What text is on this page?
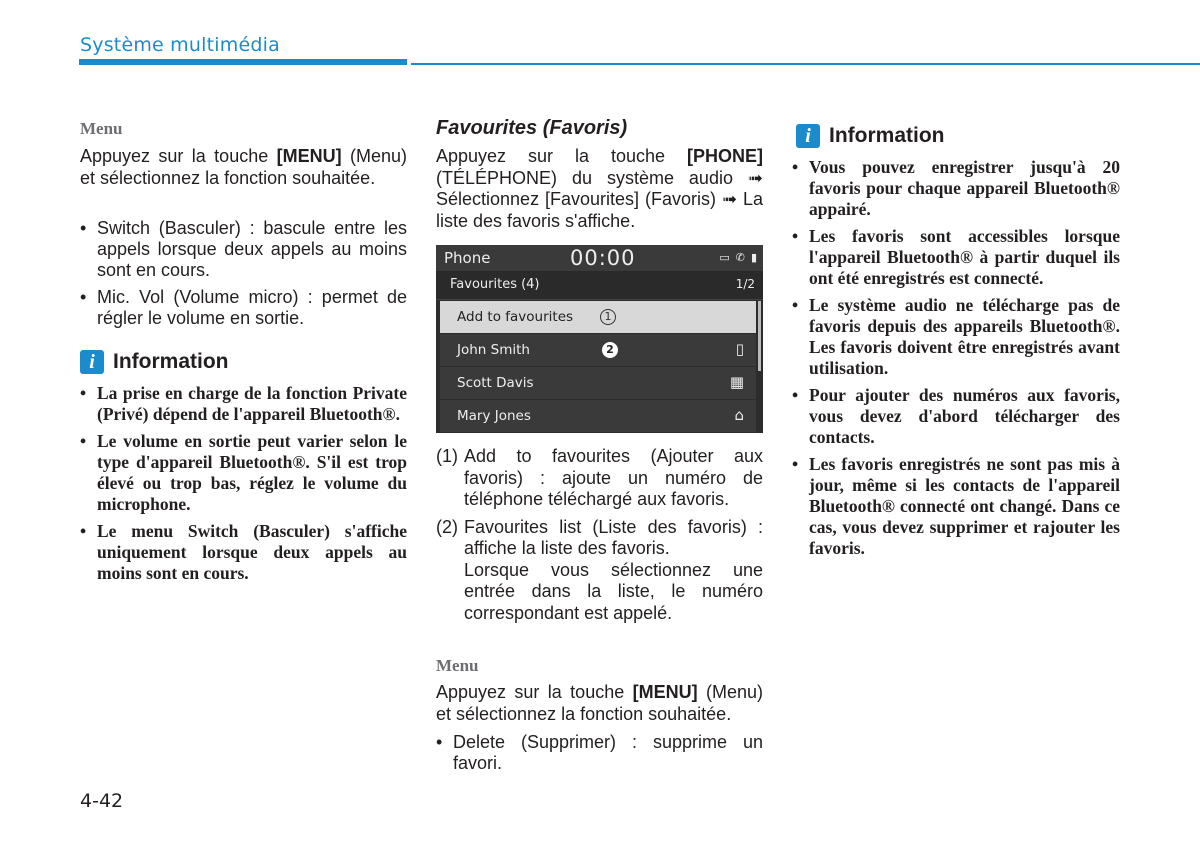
Système multimédia
Menu
Appuyez sur la touche [MENU] (Menu) et sélectionnez la fonction souhaitée.
• Switch (Basculer) : bascule entre les appels lorsque deux appels au moins sont en cours.
• Mic. Vol (Volume micro) : permet de régler le volume en sortie.
i Information
• La prise en charge de la fonction Private (Privé) dépend de l'appareil Bluetooth®.
• Le volume en sortie peut varier selon le type d'appareil Bluetooth®. S'il est trop élevé ou trop bas, réglez le volume du microphone.
• Le menu Switch (Basculer) s'affiche uniquement lorsque deux appels au moins sont en cours.
Favourites (Favoris)
Appuyez sur la touche [PHONE] (TÉLÉPHONE) du système audio ➟ Sélectionnez [Favourites] (Favoris) ➟ La liste des favoris s'affiche.
Phone	00:00	▭ ✆ ▮
Favourites (4)	1/2
Add to favourites	1
John Smith	2	▯
Scott Davis	▦
Mary Jones	⌂
(1) Add to favourites (Ajouter aux favoris) : ajoute un numéro de téléphone téléchargé aux favoris.
(2) Favourites list (Liste des favoris) : affiche la liste des favoris.
Lorsque vous sélectionnez une entrée dans la liste, le numéro correspondant est appelé.
Menu
Appuyez sur la touche [MENU] (Menu) et sélectionnez la fonction souhaitée.
• Delete (Supprimer) : supprime un favori.
i Information
• Vous pouvez enregistrer jusqu'à 20 favoris pour chaque appareil Bluetooth® appairé.
• Les favoris sont accessibles lorsque l'appareil Bluetooth® à partir duquel ils ont été enregistrés est connecté.
• Le système audio ne télécharge pas de favoris depuis des appareils Bluetooth®. Les favoris doivent être enregistrés avant utilisation.
• Pour ajouter des numéros aux favoris, vous devez d'abord télécharger des contacts.
• Les favoris enregistrés ne sont pas mis à jour, même si les contacts de l'appareil Bluetooth® connecté ont changé. Dans ce cas, vous devez supprimer et rajouter les favoris.
4-42
